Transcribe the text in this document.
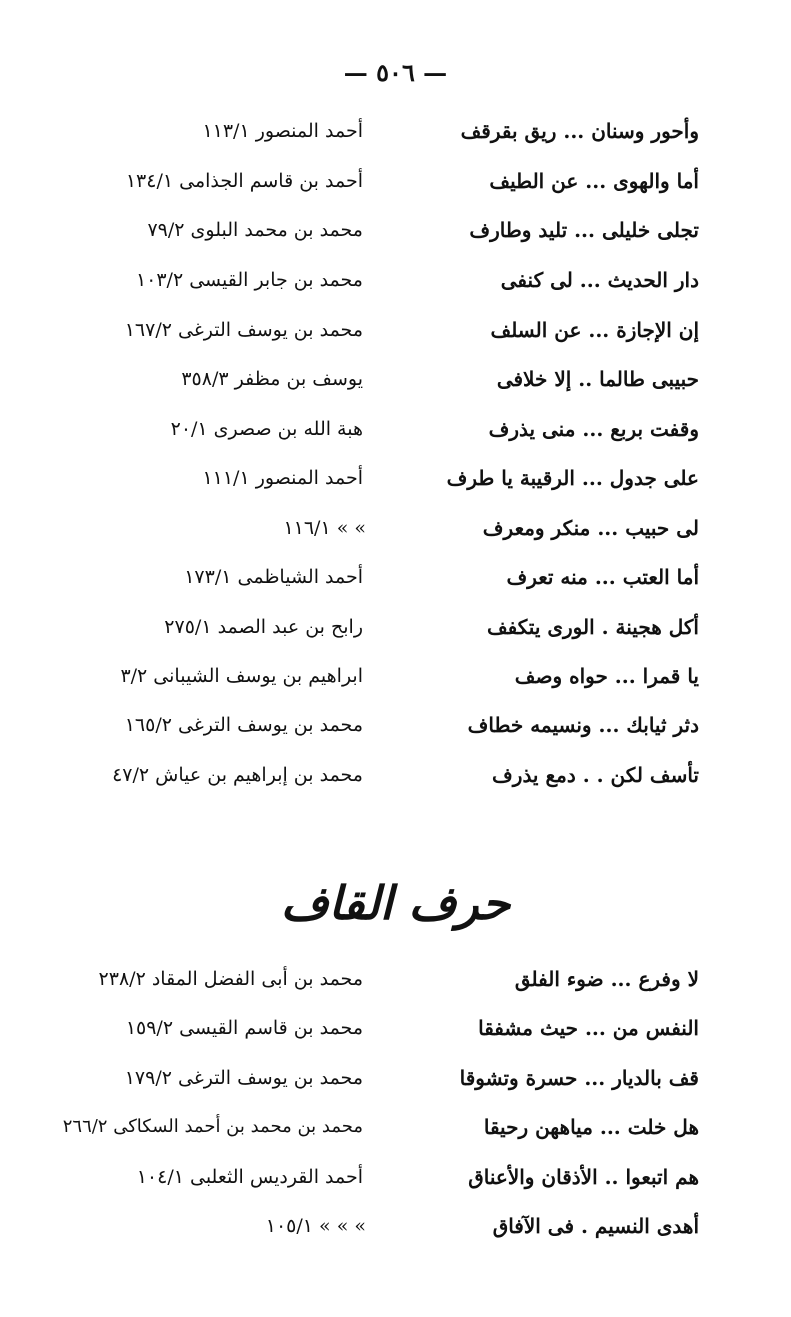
— ٥٠٦ —
وأحور وسنان ... ريق بقرقف
أحمد المنصور ١١٣/١
أما والهوى ... عن الطيف
أحمد بن قاسم الجذامى ١٣٤/١
تجلى خليلى ... تليد وطارف
محمد بن محمد البلوى ٧٩/٢
دار الحديث ... لى كنفى
محمد بن جابر القيسى ١٠٣/٢
إن الإجازة ... عن السلف
محمد بن يوسف الترغى ١٦٧/٢
حبيبى طالما .. إلا خلافى
يوسف بن مظفر ٣٥٨/٣
وقفت بربع ... منى يذرف
هبة الله بن صصرى ٢٠/١
على جدول ... الرقيبة يا طرف
أحمد المنصور ١١١/١
لى حبيب ... منكر ومعرف
» » ١١٦/١
أما العتب ... منه تعرف
أحمد الشياظمى ١٧٣/١
أكل هجينة . الورى يتكفف
رابح بن عبد الصمد ٢٧٥/١
يا قمرا ... حواه وصف
ابراهيم بن يوسف الشيبانى ٣/٢
دثر ثيابك ... ونسيمه خطاف
محمد بن يوسف الترغى ١٦٥/٢
تأسف لكن . . دمع يذرف
محمد بن إبراهيم بن عياش ٤٧/٢
حرف القاف
لا وفرع ... ضوء الفلق
محمد بن أبى الفضل المقاد ٢٣٨/٢
النفس من ... حيث مشفقا
محمد بن قاسم القيسى ١٥٩/٢
قف بالديار ... حسرة وتشوقا
محمد بن يوسف الترغى ١٧٩/٢
هل خلت ... مياههن رحيقا
محمد بن محمد بن أحمد السكاكى ٢٦٦/٢
هم اتبعوا .. الأذقان والأعناق
أحمد القرديس الثعلبى ١٠٤/١
أهدى النسيم . فى الآفاق
» » » ١٠٥/١
